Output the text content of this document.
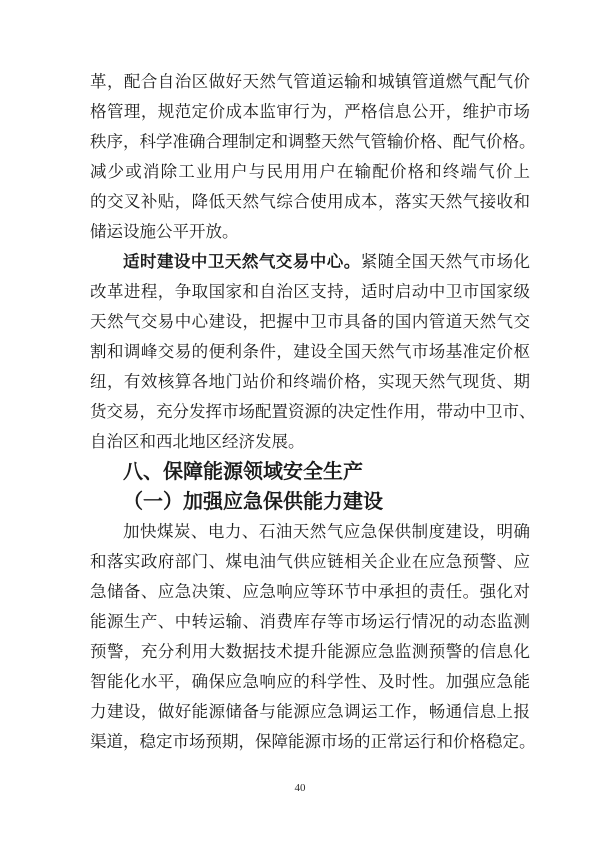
革，配合自治区做好天然气管道运输和城镇管道燃气配气价
格管理，规范定价成本监审行为，严格信息公开，维护市场
秩序，科学准确合理制定和调整天然气管输价格、配气价格。
减少或消除工业用户与民用用户在输配价格和终端气价上
的交叉补贴，降低天然气综合使用成本，落实天然气接收和
储运设施公平开放。
适时建设中卫天然气交易中心。紧随全国天然气市场化
改革进程，争取国家和自治区支持，适时启动中卫市国家级
天然气交易中心建设，把握中卫市具备的国内管道天然气交
割和调峰交易的便利条件，建设全国天然气市场基准定价枢
纽，有效核算各地门站价和终端价格，实现天然气现货、期
货交易，充分发挥市场配置资源的决定性作用，带动中卫市、
自治区和西北地区经济发展。
八、保障能源领域安全生产
（一）加强应急保供能力建设
加快煤炭、电力、石油天然气应急保供制度建设，明确
和落实政府部门、煤电油气供应链相关企业在应急预警、应
急储备、应急决策、应急响应等环节中承担的责任。强化对
能源生产、中转运输、消费库存等市场运行情况的动态监测
预警，充分利用大数据技术提升能源应急监测预警的信息化
智能化水平，确保应急响应的科学性、及时性。加强应急能
力建设，做好能源储备与能源应急调运工作，畅通信息上报
渠道，稳定市场预期，保障能源市场的正常运行和价格稳定。
40
